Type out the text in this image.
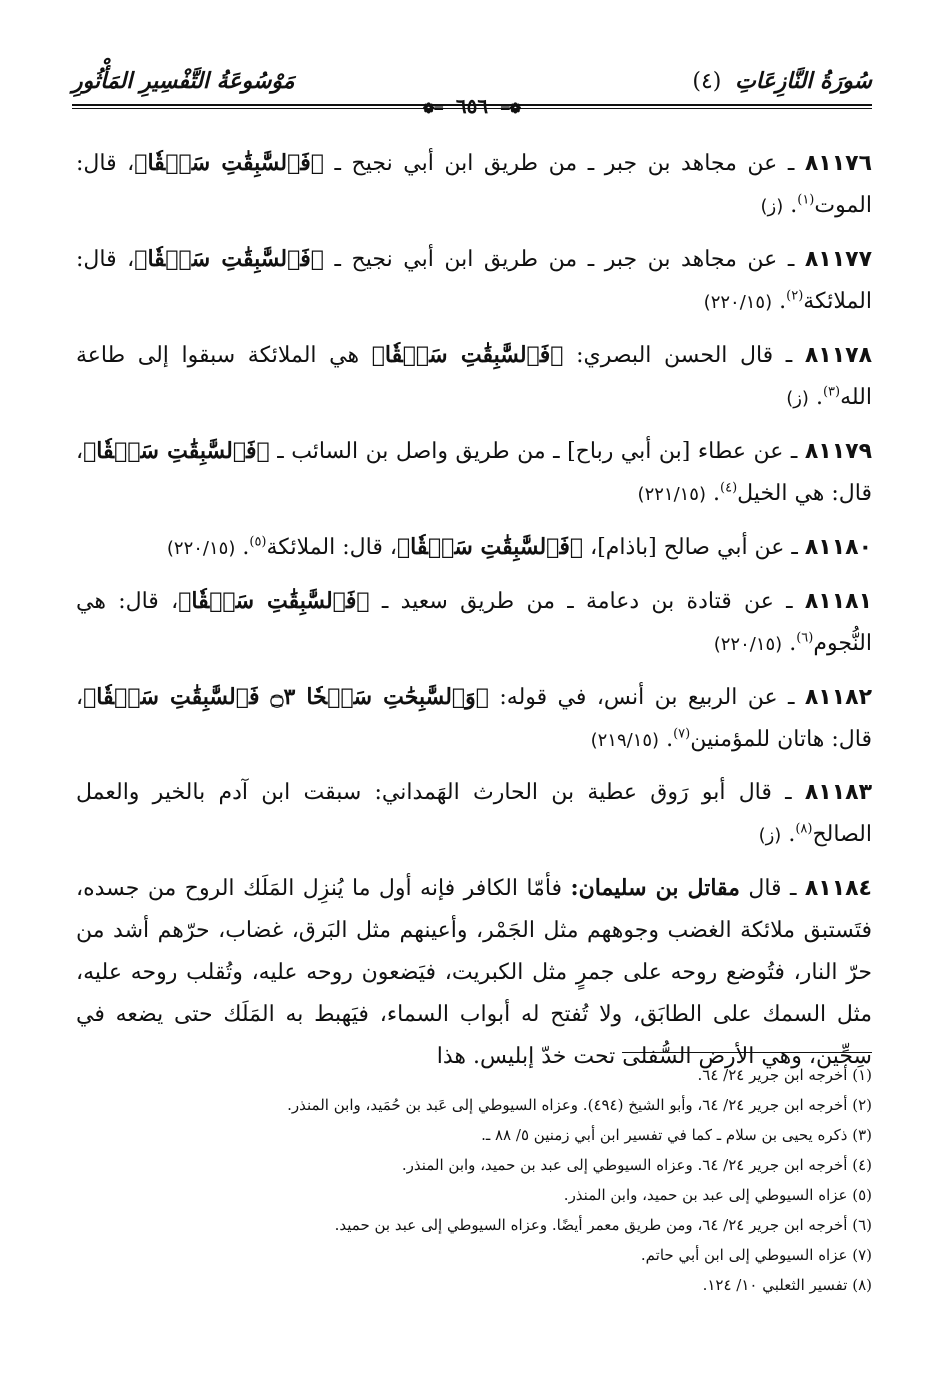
سُورَةُ النَّازِعَاتِ (٤)
مَوْسُوعَةُ التَّفْسِيرِ المَأْثُورِ
❁═ ٦٥٦ ═❁
٨١١٧٦ ـ عن مجاهد بن جبر ـ من طريق ابن أبي نجيح ـ ﴿فَٱلسَّٰبِقَٰتِ سَبۡقٗا﴾، قال: الموت$^{(١)}$. (ز)
٨١١٧٧ ـ عن مجاهد بن جبر ـ من طريق ابن أبي نجيح ـ ﴿فَٱلسَّٰبِقَٰتِ سَبۡقٗا﴾، قال: الملائكة$^{(٢)}$. (٢٢٠/١٥)
٨١١٧٨ ـ قال الحسن البصري: ﴿فَٱلسَّٰبِقَٰتِ سَبۡقٗا﴾ هي الملائكة سبقوا إلى طاعة الله$^{(٣)}$. (ز)
٨١١٧٩ ـ عن عطاء [بن أبي رباح] ـ من طريق واصل بن السائب ـ ﴿فَٱلسَّٰبِقَٰتِ سَبۡقٗا﴾، قال: هي الخيل$^{(٤)}$. (٢٢١/١٥)
٨١١٨٠ ـ عن أبي صالح [باذام]، ﴿فَٱلسَّٰبِقَٰتِ سَبۡقٗا﴾، قال: الملائكة$^{(٥)}$. (٢٢٠/١٥)
٨١١٨١ ـ عن قتادة بن دعامة ـ من طريق سعيد ـ ﴿فَٱلسَّٰبِقَٰتِ سَبۡقٗا﴾، قال: هي النُّجوم$^{(٦)}$. (٢٢٠/١٥)
٨١١٨٢ ـ عن الربيع بن أنس، في قوله: ﴿وَٱلسَّٰبِحَٰتِ سَبۡحٗا ۝٣ فَٱلسَّٰبِقَٰتِ سَبۡقٗا﴾، قال: هاتان للمؤمنين$^{(٧)}$. (٢١٩/١٥)
٨١١٨٣ ـ قال أبو رَوق عطية بن الحارث الهَمداني: سبقت ابن آدم بالخير والعمل الصالح$^{(٨)}$. (ز)
٨١١٨٤ ـ قال مقاتل بن سليمان: فأمّا الكافر فإنه أول ما يُنزِل المَلَك الروح من جسده، فتَستبق ملائكة الغضب وجوههم مثل الجَمْر، وأعينهم مثل البَرق، غضاب، حرّهم أشد من حرّ النار، فتُوضع روحه على جمرٍ مثل الكبريت، فيَضعون روحه عليه، وتُقلب روحه عليه، مثل السمك على الطابَق، ولا تُفتح له أبواب السماء، فيَهبط به المَلَك حتى يضعه في سِجِّين، وهي الأرض السُّفلى تحت خدّ إبليس. هذا
(١) أخرجه ابن جرير ٢٤/ ٦٤.
(٢) أخرجه ابن جرير ٢٤/ ٦٤، وأبو الشيخ (٤٩٤). وعزاه السيوطي إلى عَبد بن حُمَيد، وابن المنذر.
(٣) ذكره يحيى بن سلام ـ كما في تفسير ابن أبي زمنين ٥/ ٨٨ ـ.
(٤) أخرجه ابن جرير ٢٤/ ٦٤. وعزاه السيوطي إلى عبد بن حميد، وابن المنذر.
(٥) عزاه السيوطي إلى عبد بن حميد، وابن المنذر.
(٦) أخرجه ابن جرير ٢٤/ ٦٤، ومن طريق معمر أيضًا. وعزاه السيوطي إلى عبد بن حميد.
(٧) عزاه السيوطي إلى ابن أبي حاتم.
(٨) تفسير الثعلبي ١٠/ ١٢٤.
